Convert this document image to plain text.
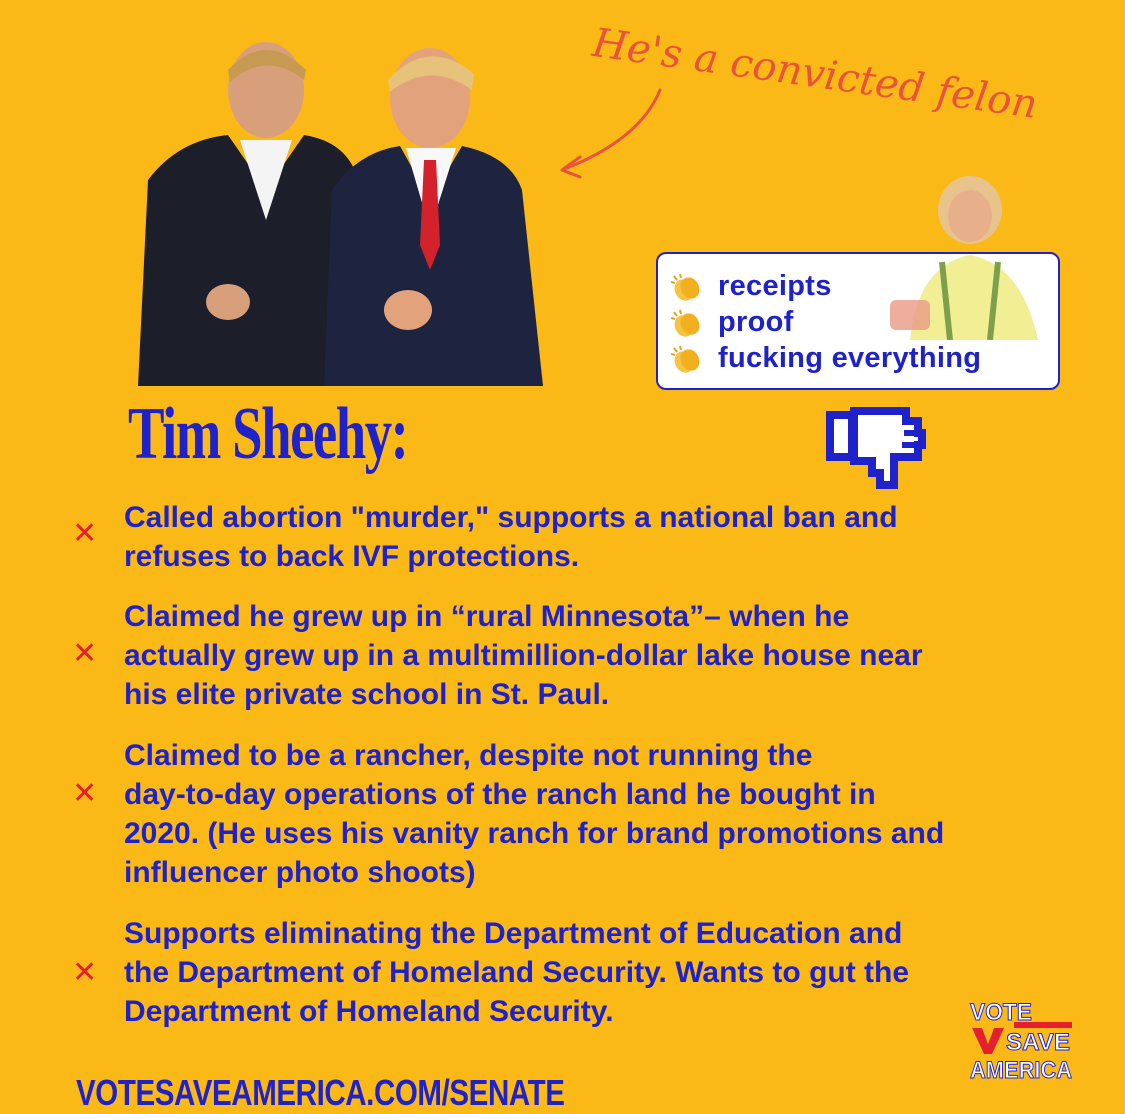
He's a convicted felon
receipts
proof
fucking everything
Tim Sheehy:
✕ Called abortion "murder," supports a national ban and
refuses to back IVF protections.
✕
Claimed he grew up in “rural Minnesota”– when he
actually grew up in a multimillion-dollar lake house near
his elite private school in St. Paul.
✕
Claimed to be a rancher, despite not running the
day-to-day operations of the ranch land he bought in
2020. (He uses his vanity ranch for brand promotions and
influencer photo shoots)
✕
Supports eliminating the Department of Education and
the Department of Homeland Security. Wants to gut the
Department of Homeland Security.	VOTE
SAVE
AMERICA
VOTESAVEAMERICA.COM/SENATE
